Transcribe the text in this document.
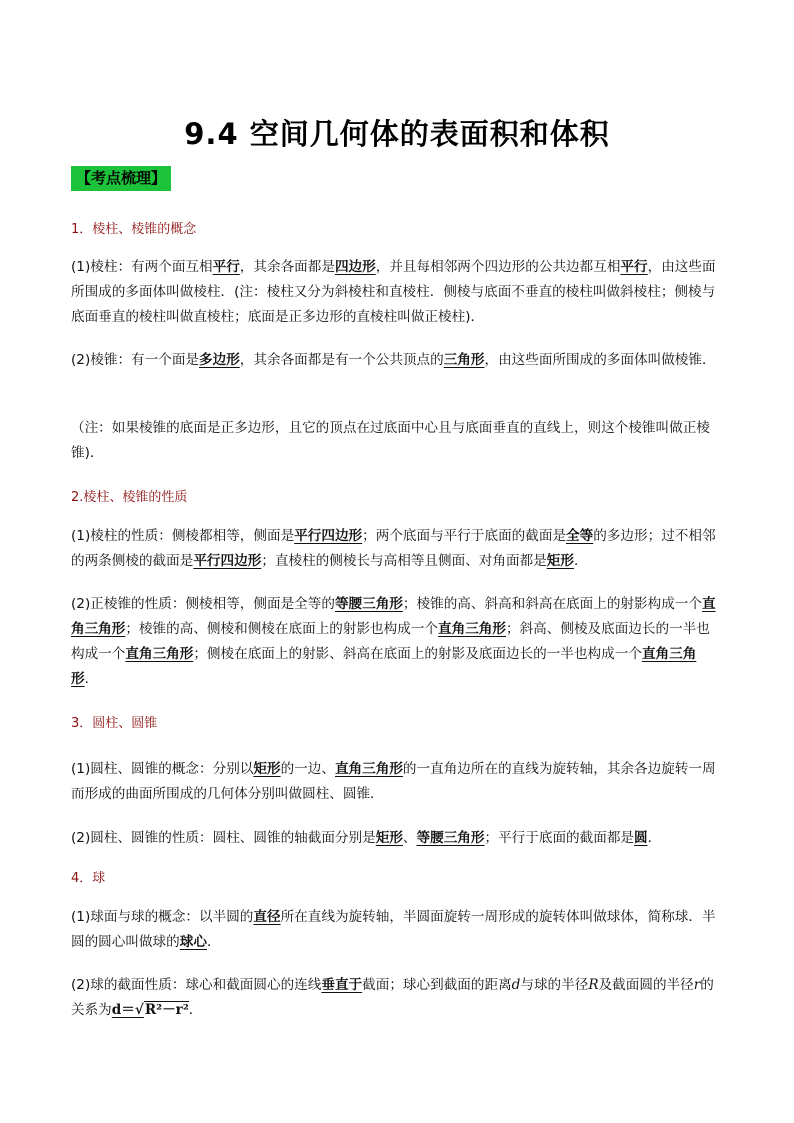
9.4 空间几何体的表面积和体积
【考点梳理】
1．棱柱、棱锥的概念
(1)棱柱：有两个面互相平行，其余各面都是四边形，并且每相邻两个四边形的公共边都互相平行，由这些面所围成的多面体叫做棱柱．(注：棱柱又分为斜棱柱和直棱柱．侧棱与底面不垂直的棱柱叫做斜棱柱；侧棱与底面垂直的棱柱叫做直棱柱；底面是正多边形的直棱柱叫做正棱柱)．
(2)棱锥：有一个面是多边形，其余各面都是有一个公共顶点的三角形，由这些面所围成的多面体叫做棱锥．
（注：如果棱锥的底面是正多边形，且它的顶点在过底面中心且与底面垂直的直线上，则这个棱锥叫做正棱锥)．
2.棱柱、棱锥的性质
(1)棱柱的性质：侧棱都相等，侧面是平行四边形；两个底面与平行于底面的截面是全等的多边形；过不相邻的两条侧棱的截面是平行四边形；直棱柱的侧棱长与高相等且侧面、对角面都是矩形．
(2)正棱锥的性质：侧棱相等，侧面是全等的等腰三角形；棱锥的高、斜高和斜高在底面上的射影构成一个直角三角形；棱锥的高、侧棱和侧棱在底面上的射影也构成一个直角三角形；斜高、侧棱及底面边长的一半也构成一个直角三角形；侧棱在底面上的射影、斜高在底面上的射影及底面边长的一半也构成一个直角三角形．
3．圆柱、圆锥
(1)圆柱、圆锥的概念：分别以矩形的一边、直角三角形的一直角边所在的直线为旋转轴，其余各边旋转一周而形成的曲面所围成的几何体分别叫做圆柱、圆锥．
(2)圆柱、圆锥的性质：圆柱、圆锥的轴截面分别是矩形、等腰三角形；平行于底面的截面都是圆．
4．球
(1)球面与球的概念：以半圆的直径所在直线为旋转轴，半圆面旋转一周形成的旋转体叫做球体，简称球．半圆的圆心叫做球的球心．
(2)球的截面性质：球心和截面圆心的连线垂直于截面；球心到截面的距离d与球的半径R及截面圆的半径r的关系为d＝√R²－r²．
